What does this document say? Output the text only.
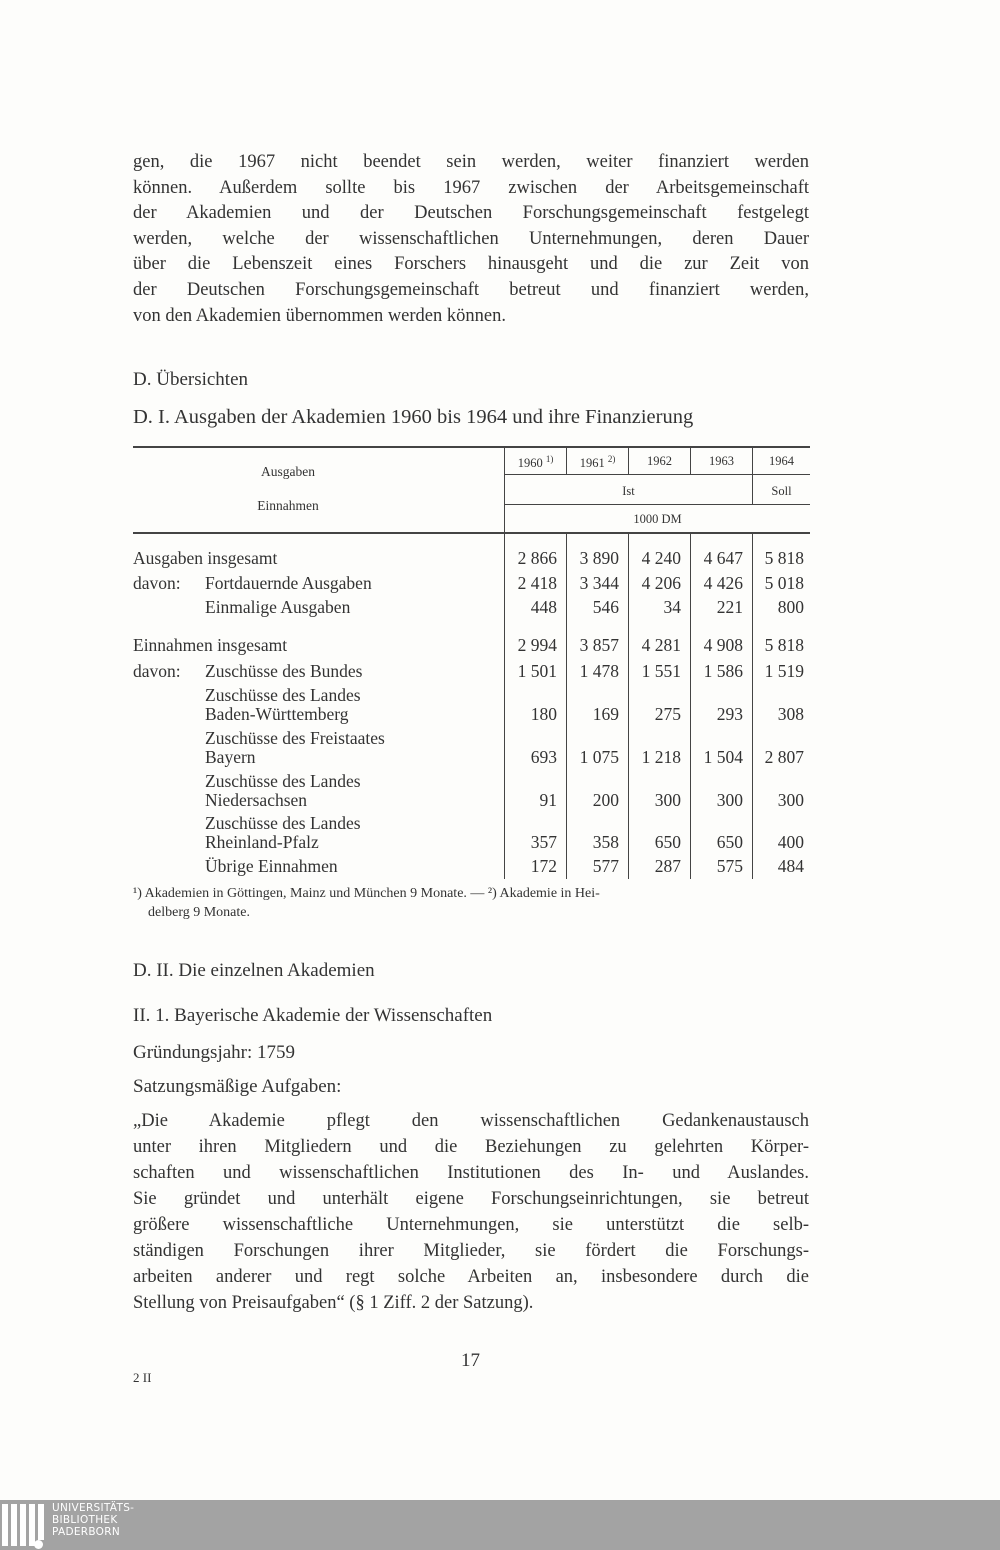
gen, die 1967 nicht beendet sein werden, weiter finanziert werden
können. Außerdem sollte bis 1967 zwischen der Arbeitsgemeinschaft
der Akademien und der Deutschen Forschungsgemeinschaft festgelegt
werden, welche der wissenschaftlichen Unternehmungen, deren Dauer
über die Lebenszeit eines Forschers hinausgeht und die zur Zeit von
der Deutschen Forschungsgemeinschaft betreut und finanziert werden,
von den Akademien übernommen werden können.
D. Übersichten
D. I. Ausgaben der Akademien 1960 bis 1964 und ihre Finanzierung
Ausgaben
Einnahmen
1960 $^{1)}$	1961 $^{2)}$	1962	1963	1964
Ist	Soll
1000 DM
Ausgaben insgesamt	2 866	3 890	4 240	4 647	5 818
davon: Fortdauernde Ausgaben	2 418	3 344	4 206	4 426	5 018
Einmalige Ausgaben	448	546	34	221	800
Einnahmen insgesamt	2 994	3 857	4 281	4 908	5 818
davon: Zuschüsse des Bundes	1 501	1 478	1 551	1 586	1 519
Zuschüsse des Landes
Baden-Württemberg	180	169	275	293	308
Zuschüsse des Freistaates
Bayern	693	1 075	1 218	1 504	2 807
Zuschüsse des Landes
Niedersachsen	91	200	300	300	300
Zuschüsse des Landes
Rheinland-Pfalz	357	358	650	650	400
Übrige Einnahmen	172	577	287	575	484
¹) Akademien in Göttingen, Mainz und München 9 Monate. — ²) Akademie in Hei-
delberg 9 Monate.
D. II. Die einzelnen Akademien
II. 1. Bayerische Akademie der Wissenschaften
Gründungsjahr: 1759
Satzungsmäßige Aufgaben:
„Die Akademie pflegt den wissenschaftlichen Gedankenaustausch
unter ihren Mitgliedern und die Beziehungen zu gelehrten Körper-
schaften und wissenschaftlichen Institutionen des In- und Auslandes.
Sie gründet und unterhält eigene Forschungseinrichtungen, sie betreut
größere wissenschaftliche Unternehmungen, sie unterstützt die selb-
ständigen Forschungen ihrer Mitglieder, sie fördert die Forschungs-
arbeiten anderer und regt solche Arbeiten an, insbesondere durch die
Stellung von Preisaufgaben“ (§ 1 Ziff. 2 der Satzung).
17
2 II
UNIVERSITÄTS-
BIBLIOTHEK
PADERBORN
